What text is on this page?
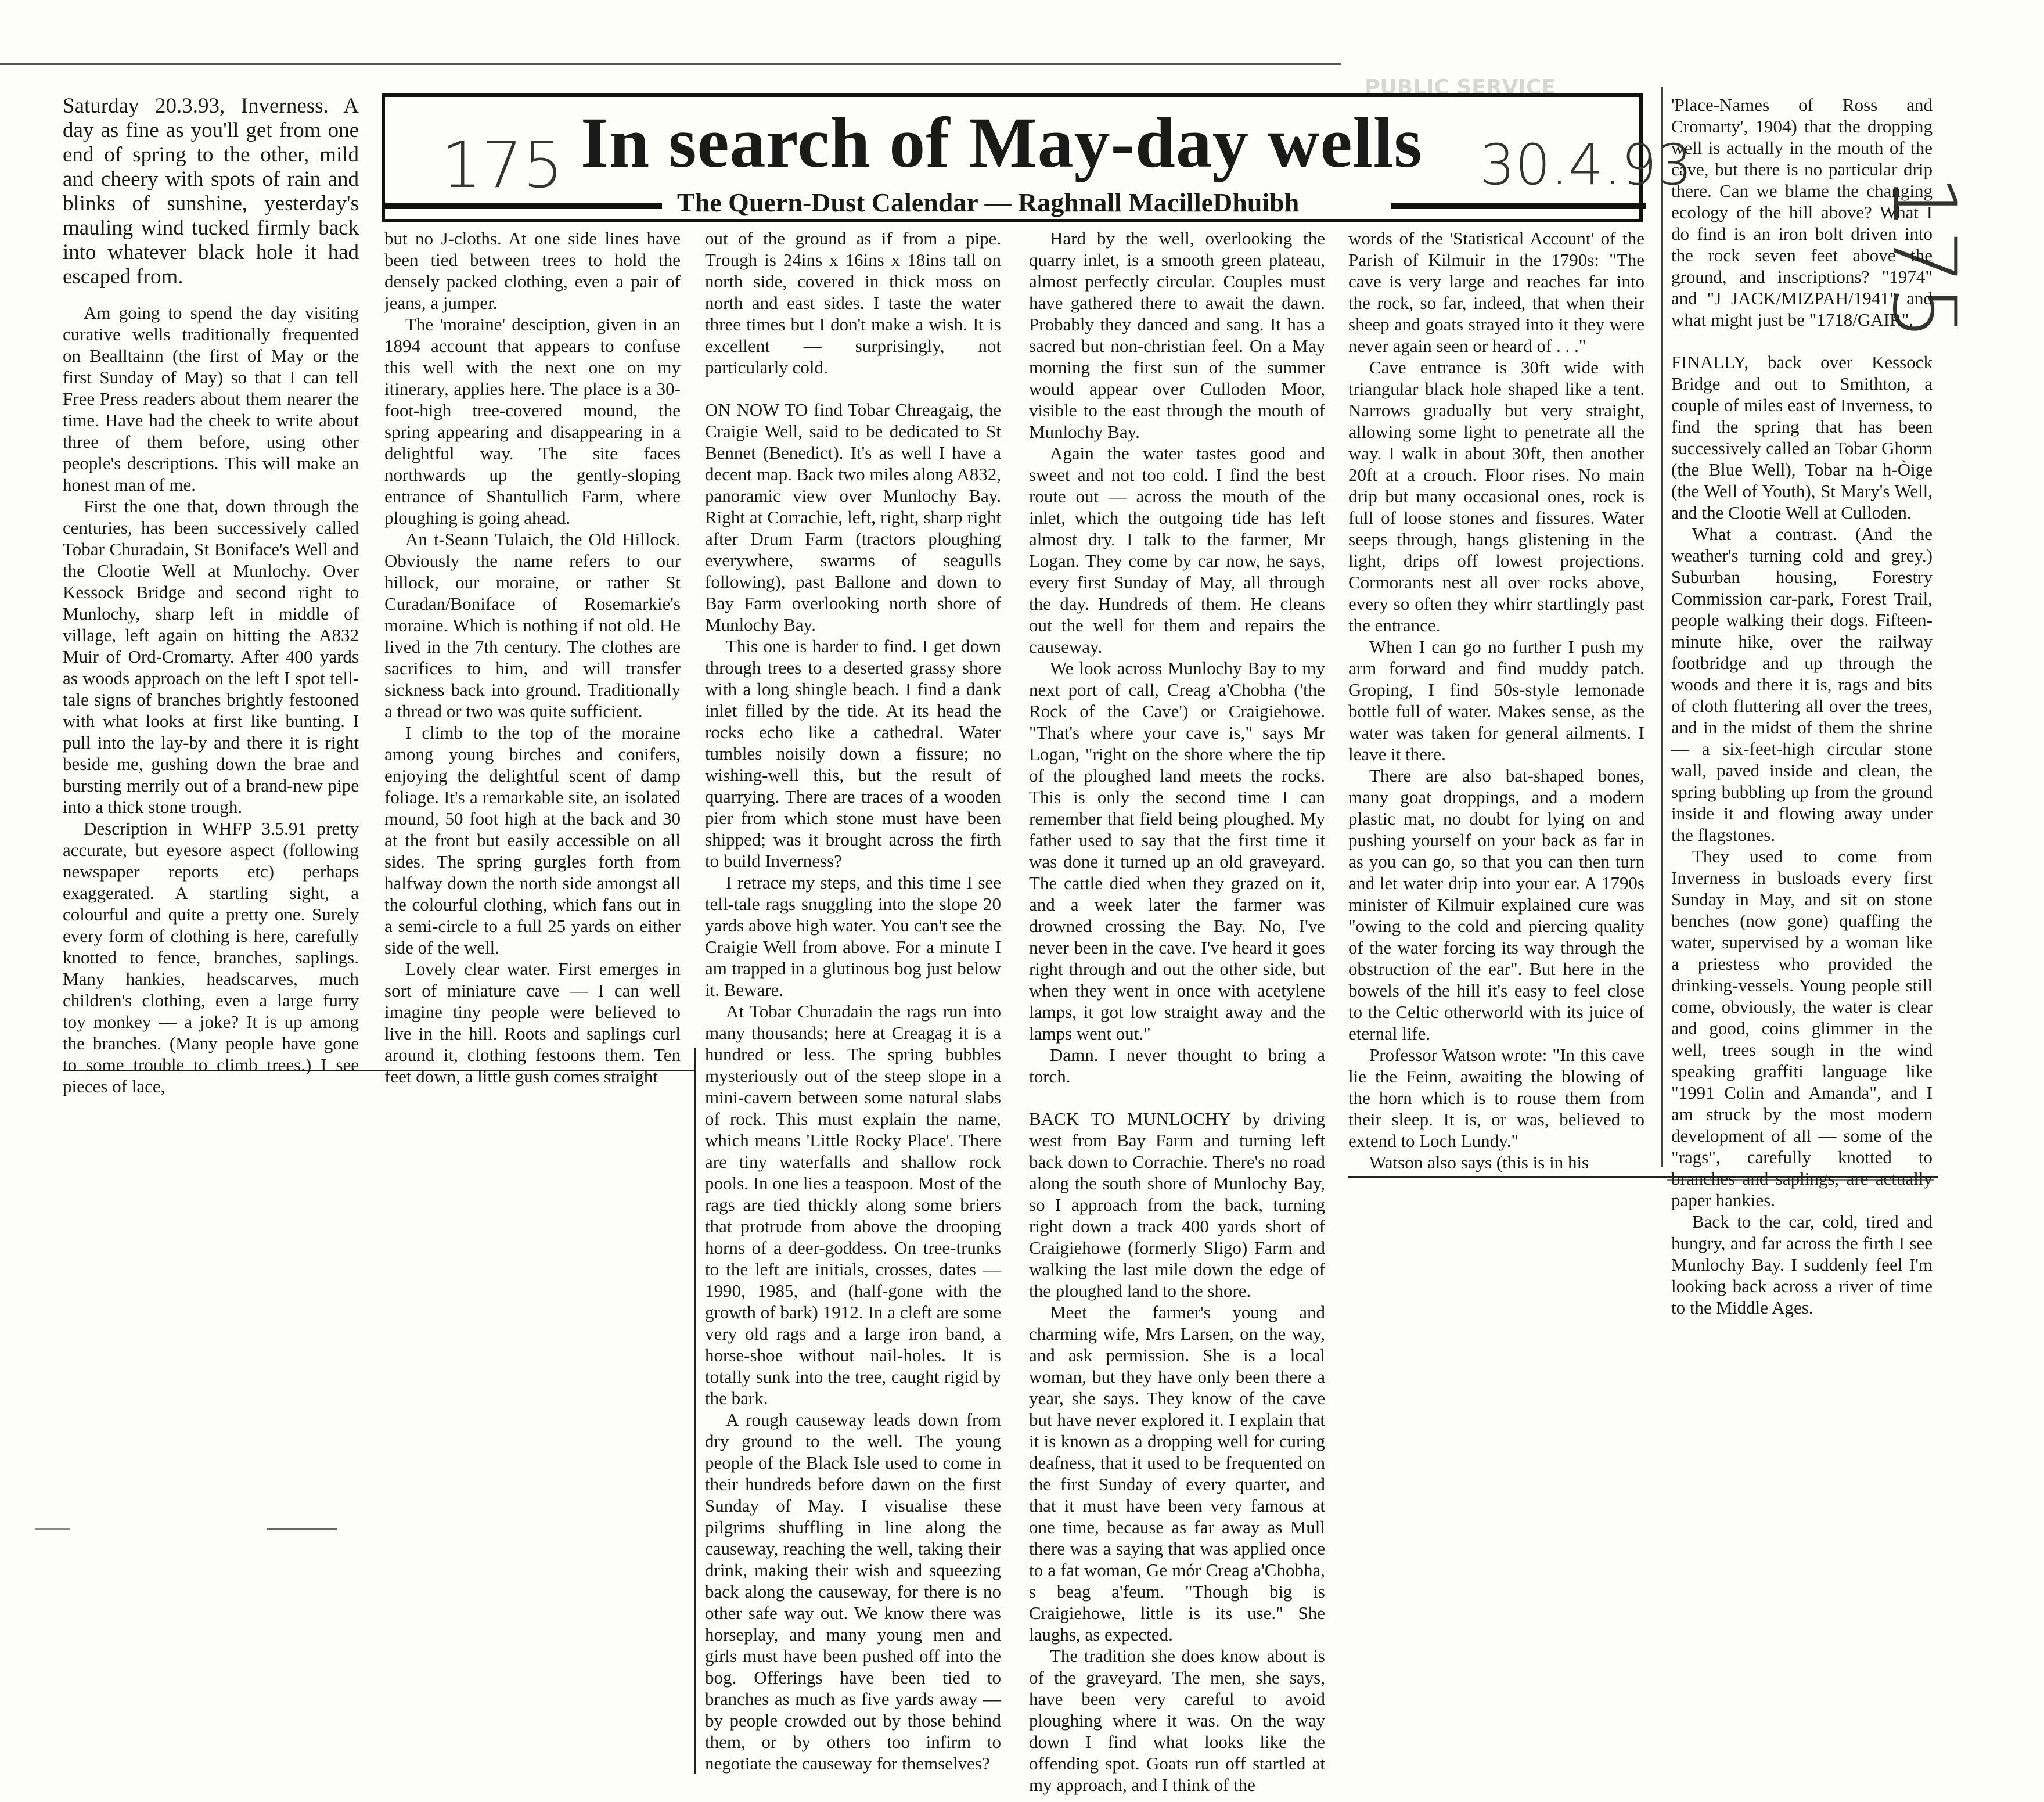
PUBLIC SERVICE
175 In search of May-day wells 30.4.93
The Quern-Dust Calendar — Raghnall MacilleDhuibh	175

Saturday 20.3.93, Inverness. A day as fine as you'll get from one end of spring to the other, mild and cheery with spots of rain and blinks of sunshine, yesterday's mauling wind tucked firmly back into whatever black hole it had escaped from.

Am going to spend the day visiting curative wells traditionally frequented on Bealltainn (the first of May or the first Sunday of May) so that I can tell Free Press readers about them nearer the time. Have had the cheek to write about three of them before, using other people's descriptions. This will make an honest man of me.

First the one that, down through the centuries, has been successively called Tobar Churadain, St Boniface's Well and the Clootie Well at Munlochy. Over Kessock Bridge and second right to Munlochy, sharp left in middle of village, left again on hitting the A832 Muir of Ord-Cromarty. After 400 yards as woods approach on the left I spot tell-tale signs of branches brightly festooned with what looks at first like bunting. I pull into the lay-by and there it is right beside me, gushing down the brae and bursting merrily out of a brand-new pipe into a thick stone trough.

Description in WHFP 3.5.91 pretty accurate, but eyesore aspect (following newspaper reports etc) perhaps exaggerated. A startling sight, a colourful and quite a pretty one. Surely every form of clothing is here, carefully knotted to fence, branches, saplings. Many hankies, headscarves, much children's clothing, even a large furry toy monkey — a joke? It is up among the branches. (Many people have gone to some trouble to climb trees.) I see pieces of lace,

but no J-cloths. At one side lines have been tied between trees to hold the densely packed clothing, even a pair of jeans, a jumper.

The 'moraine' desciption, given in an 1894 account that appears to confuse this well with the next one on my itinerary, applies here. The place is a 30-foot-high tree-covered mound, the spring appearing and disappearing in a delightful way. The site faces northwards up the gently-sloping entrance of Shantullich Farm, where ploughing is going ahead.

An t-Seann Tulaich, the Old Hillock. Obviously the name refers to our hillock, our moraine, or rather St Curadan/Boniface of Rosemarkie's moraine. Which is nothing if not old. He lived in the 7th century. The clothes are sacrifices to him, and will transfer sickness back into ground. Traditionally a thread or two was quite sufficient.

I climb to the top of the moraine among young birches and conifers, enjoying the delightful scent of damp foliage. It's a remarkable site, an isolated mound, 50 foot high at the back and 30 at the front but easily accessible on all sides. The spring gurgles forth from halfway down the north side amongst all the colourful clothing, which fans out in a semi-circle to a full 25 yards on either side of the well.

Lovely clear water. First emerges in sort of miniature cave — I can well imagine tiny people were believed to live in the hill. Roots and saplings curl around it, clothing festoons them. Ten feet down, a little gush comes straight

out of the ground as if from a pipe. Trough is 24ins x 16ins x 18ins tall on north side, covered in thick moss on north and east sides. I taste the water three times but I don't make a wish. It is excellent — surprisingly, not particularly cold.

ON NOW TO find Tobar Chreagaig, the Craigie Well, said to be dedicated to St Bennet (Benedict). It's as well I have a decent map. Back two miles along A832, panoramic view over Munlochy Bay. Right at Corrachie, left, right, sharp right after Drum Farm (tractors ploughing everywhere, swarms of seagulls following), past Ballone and down to Bay Farm overlooking north shore of Munlochy Bay.

This one is harder to find. I get down through trees to a deserted grassy shore with a long shingle beach. I find a dank inlet filled by the tide. At its head the rocks echo like a cathedral. Water tumbles noisily down a fissure; no wishing-well this, but the result of quarrying. There are traces of a wooden pier from which stone must have been shipped; was it brought across the firth to build Inverness?

I retrace my steps, and this time I see tell-tale rags snuggling into the slope 20 yards above high water. You can't see the Craigie Well from above. For a minute I am trapped in a glutinous bog just below it. Beware.

At Tobar Churadain the rags run into many thousands; here at Creagag it is a hundred or less. The spring bubbles mysteriously out of the steep slope in a mini-cavern between some natural slabs of rock. This must explain the name, which means 'Little Rocky Place'. There are tiny waterfalls and shallow rock pools. In one lies a teaspoon. Most of the rags are tied thickly along some briers that protrude from above the drooping horns of a deer-goddess. On tree-trunks to the left are initials, crosses, dates — 1990, 1985, and (half-gone with the growth of bark) 1912. In a cleft are some very old rags and a large iron band, a horse-shoe without nail-holes. It is totally sunk into the tree, caught rigid by the bark.

A rough causeway leads down from dry ground to the well. The young people of the Black Isle used to come in their hundreds before dawn on the first Sunday of May. I visualise these pilgrims shuffling in line along the causeway, reaching the well, taking their drink, making their wish and squeezing back along the causeway, for there is no other safe way out. We know there was horseplay, and many young men and girls must have been pushed off into the bog. Offerings have been tied to branches as much as five yards away — by people crowded out by those behind them, or by others too infirm to negotiate the causeway for themselves?

Hard by the well, overlooking the quarry inlet, is a smooth green plateau, almost perfectly circular. Couples must have gathered there to await the dawn. Probably they danced and sang. It has a sacred but non-christian feel. On a May morning the first sun of the summer would appear over Culloden Moor, visible to the east through the mouth of Munlochy Bay.

Again the water tastes good and sweet and not too cold. I find the best route out — across the mouth of the inlet, which the outgoing tide has left almost dry. I talk to the farmer, Mr Logan. They come by car now, he says, every first Sunday of May, all through the day. Hundreds of them. He cleans out the well for them and repairs the causeway.

We look across Munlochy Bay to my next port of call, Creag a'Chobha ('the Rock of the Cave') or Craigiehowe. "That's where your cave is," says Mr Logan, "right on the shore where the tip of the ploughed land meets the rocks. This is only the second time I can remember that field being ploughed. My father used to say that the first time it was done it turned up an old graveyard. The cattle died when they grazed on it, and a week later the farmer was drowned crossing the Bay. No, I've never been in the cave. I've heard it goes right through and out the other side, but when they went in once with acetylene lamps, it got low straight away and the lamps went out."

Damn. I never thought to bring a torch.

BACK TO MUNLOCHY by driving west from Bay Farm and turning left back down to Corrachie. There's no road along the south shore of Munlochy Bay, so I approach from the back, turning right down a track 400 yards short of Craigiehowe (formerly Sligo) Farm and walking the last mile down the edge of the ploughed land to the shore.

Meet the farmer's young and charming wife, Mrs Larsen, on the way, and ask permission. She is a local woman, but they have only been there a year, she says. They know of the cave but have never explored it. I explain that it is known as a dropping well for curing deafness, that it used to be frequented on the first Sunday of every quarter, and that it must have been very famous at one time, because as far away as Mull there was a saying that was applied once to a fat woman, Ge mór Creag a'Chobha, s beag a'feum. "Though big is Craigiehowe, little is its use." She laughs, as expected.

The tradition she does know about is of the graveyard. The men, she says, have been very careful to avoid ploughing where it was. On the way down I find what looks like the offending spot. Goats run off startled at my approach, and I think of the

words of the 'Statistical Account' of the Parish of Kilmuir in the 1790s: "The cave is very large and reaches far into the rock, so far, indeed, that when their sheep and goats strayed into it they were never again seen or heard of . . ."

Cave entrance is 30ft wide with triangular black hole shaped like a tent. Narrows gradually but very straight, allowing some light to penetrate all the way. I walk in about 30ft, then another 20ft at a crouch. Floor rises. No main drip but many occasional ones, rock is full of loose stones and fissures. Water seeps through, hangs glistening in the light, drips off lowest projections. Cormorants nest all over rocks above, every so often they whirr startlingly past the entrance.

When I can go no further I push my arm forward and find muddy patch. Groping, I find 50s-style lemonade bottle full of water. Makes sense, as the water was taken for general ailments. I leave it there.

There are also bat-shaped bones, many goat droppings, and a modern plastic mat, no doubt for lying on and pushing yourself on your back as far in as you can go, so that you can then turn and let water drip into your ear. A 1790s minister of Kilmuir explained cure was "owing to the cold and piercing quality of the water forcing its way through the obstruction of the ear". But here in the bowels of the hill it's easy to feel close to the Celtic otherworld with its juice of eternal life.

Professor Watson wrote: "In this cave lie the Feinn, awaiting the blowing of the horn which is to rouse them from their sleep. It is, or was, believed to extend to Loch Lundy."

Watson also says (this is in his

'Place-Names of Ross and Cromarty', 1904) that the dropping well is actually in the mouth of the cave, but there is no particular drip there. Can we blame the changing ecology of the hill above? What I do find is an iron bolt driven into the rock seven feet above the ground, and inscriptions? "1974" and "J JACK/MIZPAH/1941" and what might just be "1718/GAIR".

FINALLY, back over Kessock Bridge and out to Smithton, a couple of miles east of Inverness, to find the spring that has been successively called an Tobar Ghorm (the Blue Well), Tobar na h-Òige (the Well of Youth), St Mary's Well, and the Clootie Well at Culloden.

What a contrast. (And the weather's turning cold and grey.) Suburban housing, Forestry Commission car-park, Forest Trail, people walking their dogs. Fifteen-minute hike, over the railway footbridge and up through the woods and there it is, rags and bits of cloth fluttering all over the trees, and in the midst of them the shrine — a six-feet-high circular stone wall, paved inside and clean, the spring bubbling up from the ground inside it and flowing away under the flagstones.

They used to come from Inverness in busloads every first Sunday in May, and sit on stone benches (now gone) quaffing the water, supervised by a woman like a priestess who provided the drinking-vessels. Young people still come, obviously, the water is clear and good, coins glimmer in the well, trees sough in the wind speaking graffiti language like "1991 Colin and Amanda", and I am struck by the most modern development of all — some of the "rags", carefully knotted to branches and saplings, are actually paper hankies.

Back to the car, cold, tired and hungry, and far across the firth I see Munlochy Bay. I suddenly feel I'm looking back across a river of time to the Middle Ages.
